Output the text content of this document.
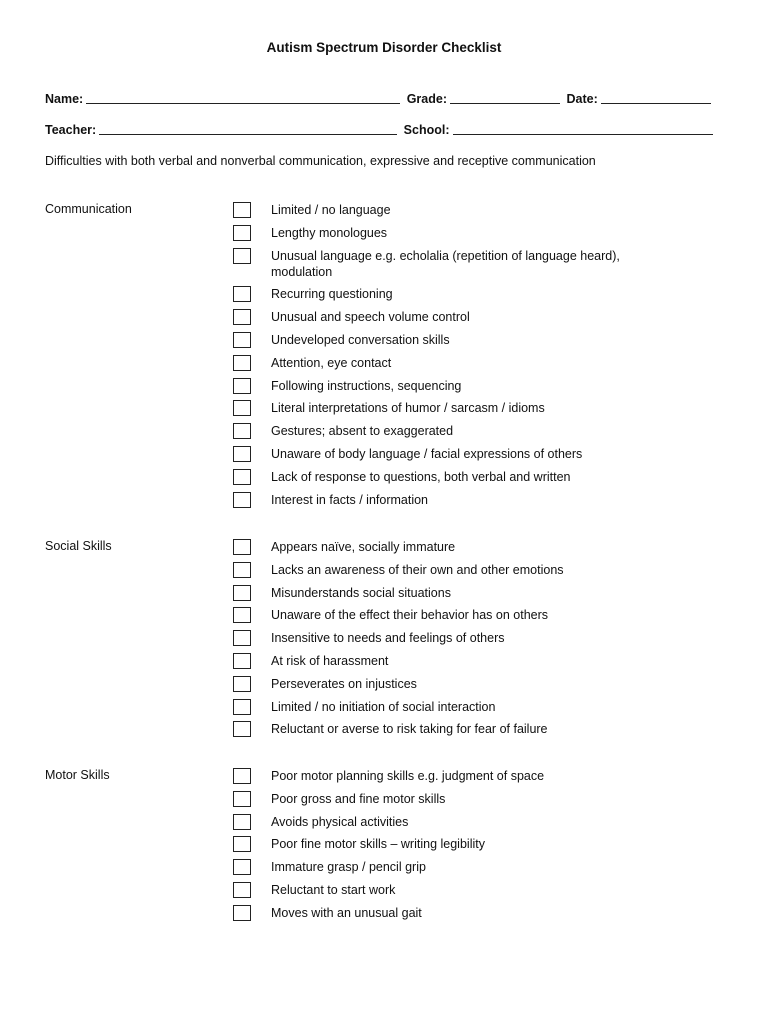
Autism Spectrum Disorder Checklist
Name:	Grade:	Date:
Teacher:	School:
Difficulties with both verbal and nonverbal communication, expressive and receptive communication
Communication	Limited / no language
Lengthy monologues
Unusual language e.g. echolalia (repetition of language heard), modulation
Recurring questioning
Unusual and speech volume control
Undeveloped conversation skills
Attention, eye contact
Following instructions, sequencing
Literal interpretations of humor / sarcasm / idioms
Gestures; absent to exaggerated
Unaware of body language / facial expressions of others
Lack of response to questions, both verbal and written
Interest in facts / information
Social Skills	Appears naïve, socially immature
Lacks an awareness of their own and other emotions
Misunderstands social situations
Unaware of the effect their behavior has on others
Insensitive to needs and feelings of others
At risk of harassment
Perseverates on injustices
Limited / no initiation of social interaction
Reluctant or averse to risk taking for fear of failure
Motor Skills	Poor motor planning skills e.g. judgment of space
Poor gross and fine motor skills
Avoids physical activities
Poor fine motor skills – writing legibility
Immature grasp / pencil grip
Reluctant to start work
Moves with an unusual gait
